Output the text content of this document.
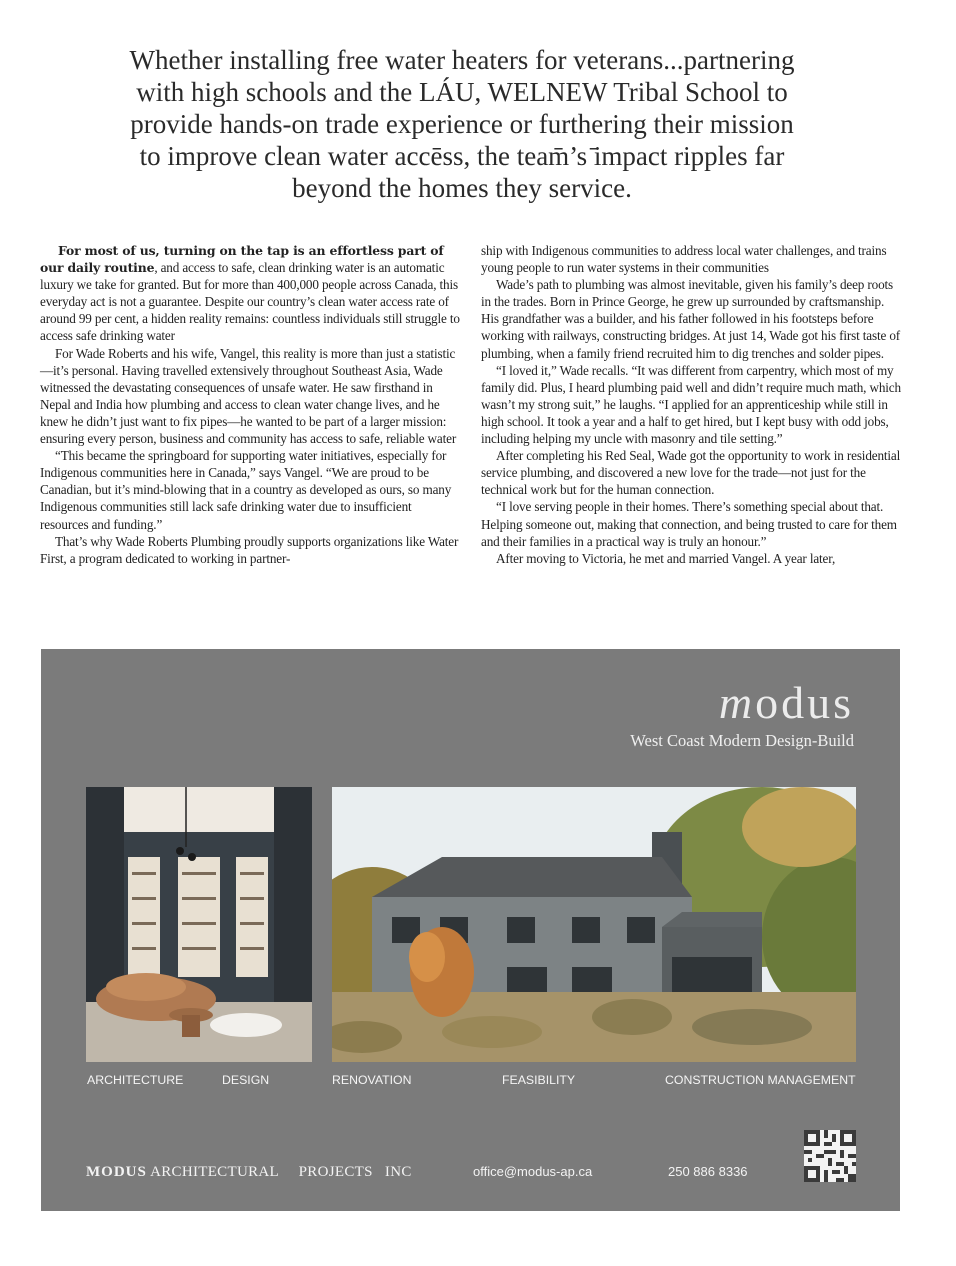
Whether installing free water heaters for veterans...partnering
with high schools and the LÁU, WELNEW Tribal School to
provide hands-on trade experience or furthering their mission
to improve clean water accēss, the team̄’s ̄impact ripples far
beyond the homes they service.

For most of us, turning on the tap is an effortless part of our daily routine, and access to safe, clean drinking water is an automatic luxury we take for granted. But for more than 400,000 people across Canada, this everyday act is not a guarantee. Despite our country’s clean water access rate of around 99 per cent, a hidden reality remains: countless individuals still struggle to access safe drinking water

For Wade Roberts and his wife, Vangel, this reality is more than just a statistic—it’s personal. Having travelled extensively throughout Southeast Asia, Wade witnessed the devastating consequences of unsafe water. He saw firsthand in Nepal and India how plumbing and access to clean water change lives, and he knew he didn’t just want to fix pipes—he wanted to be part of a larger mission: ensuring every person, business and community has access to safe, reliable water

“This became the springboard for supporting water initiatives, especially for Indigenous communities here in Canada,” says Vangel. “We are proud to be Canadian, but it’s mind-blowing that in a country as developed as ours, so many Indigenous communities still lack safe drinking water due to insufficient resources and funding.”

That’s why Wade Roberts Plumbing proudly supports organizations like Water First, a program dedicated to working in partner-

ship with Indigenous communities to address local water challenges, and trains young people to run water systems in their communities

Wade’s path to plumbing was almost inevitable, given his family’s deep roots in the trades. Born in Prince George, he grew up surrounded by craftsmanship. His grandfather was a builder, and his father followed in his footsteps before working with railways, constructing bridges. At just 14, Wade got his first taste of plumbing, when a family friend recruited him to dig trenches and solder pipes.

“I loved it,” Wade recalls. “It was different from carpentry, which most of my family did. Plus, I heard plumbing paid well and didn’t require much math, which wasn’t my strong suit,” he laughs. “I applied for an apprenticeship while still in high school. It took a year and a half to get hired, but I kept busy with odd jobs, including helping my uncle with masonry and tile setting.”

After completing his Red Seal, Wade got the opportunity to work in residential service plumbing, and discovered a new love for the trade—not just for the technical work but for the human connection.

“I love serving people in their homes. There’s something special about that. Helping someone out, making that connection, and being trusted to care for them and their families in a practical way is truly an honour.”

After moving to Victoria, he met and married Vangel. A year later,

modus
West Coast Modern Design-Build
ARCHITECTURE	DESIGN	RENOVATION	FEASIBILITY	CONSTRUCTION MANAGEMENT
MODUS ARCHITECTURAL     PROJECTS   INC	office@modus-ap.ca	250 886 8336
